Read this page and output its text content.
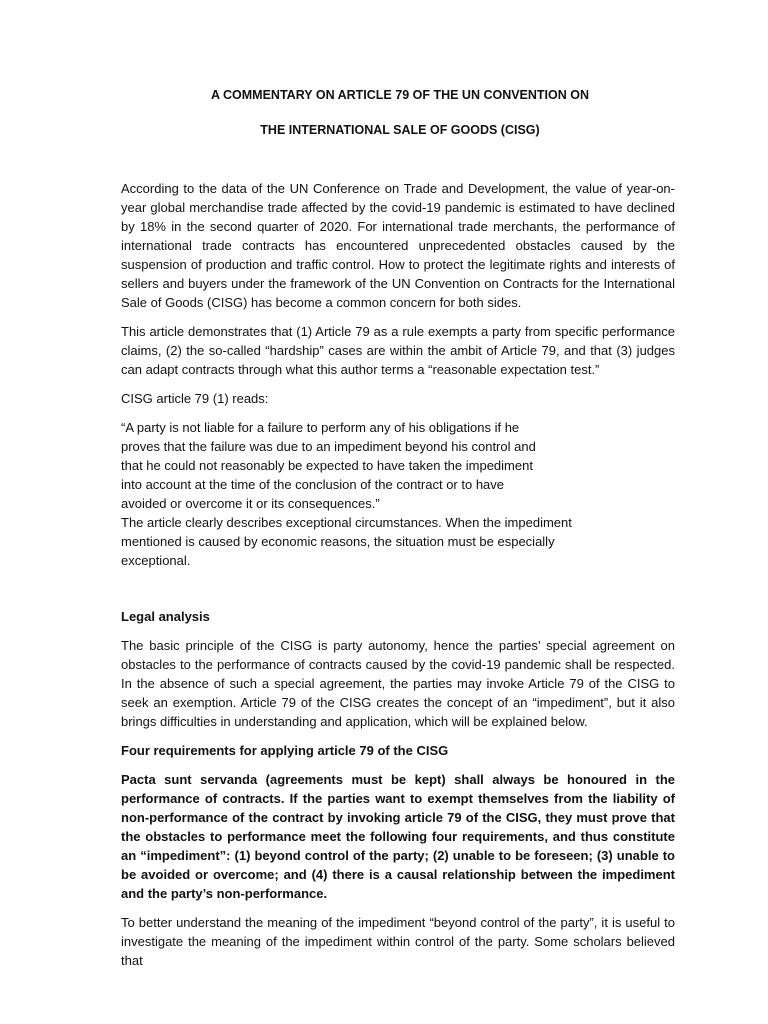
A COMMENTARY ON ARTICLE 79 OF THE UN CONVENTION ON
THE INTERNATIONAL SALE OF GOODS (CISG)

According to the data of the UN Conference on Trade and Development, the value of year-on-year global merchandise trade affected by the covid-19 pandemic is estimated to have declined by 18% in the second quarter of 2020. For international trade merchants, the performance of international trade contracts has encountered unprecedented obstacles caused by the suspension of production and traffic control. How to protect the legitimate rights and interests of sellers and buyers under the framework of the UN Convention on Contracts for the International Sale of Goods (CISG) has become a common concern for both sides.

This article demonstrates that (1) Article 79 as a rule exempts a party from specific performance claims, (2) the so-called “hardship” cases are within the ambit of Article 79, and that (3) judges can adapt contracts through what this author terms a “reasonable expectation test.”

CISG article 79 (1) reads:

“A party is not liable for a failure to perform any of his obligations if he
proves that the failure was due to an impediment beyond his control and
that he could not reasonably be expected to have taken the impediment
into account at the time of the conclusion of the contract or to have
avoided or overcome it or its consequences.”
The article clearly describes exceptional circumstances. When the impediment
mentioned is caused by economic reasons, the situation must be especially
exceptional.

Legal analysis

The basic principle of the CISG is party autonomy, hence the parties’ special agreement on obstacles to the performance of contracts caused by the covid-19 pandemic shall be respected. In the absence of such a special agreement, the parties may invoke Article 79 of the CISG to seek an exemption. Article 79 of the CISG creates the concept of an “impediment”, but it also brings difficulties in understanding and application, which will be explained below.

Four requirements for applying article 79 of the CISG

Pacta sunt servanda (agreements must be kept) shall always be honoured in the performance of contracts. If the parties want to exempt themselves from the liability of non-performance of the contract by invoking article 79 of the CISG, they must prove that the obstacles to performance meet the following four requirements, and thus constitute an “impediment”: (1) beyond control of the party; (2) unable to be foreseen; (3) unable to be avoided or overcome; and (4) there is a causal relationship between the impediment and the party’s non-performance.

To better understand the meaning of the impediment “beyond control of the party”, it is useful to investigate the meaning of the impediment within control of the party. Some scholars believed that
